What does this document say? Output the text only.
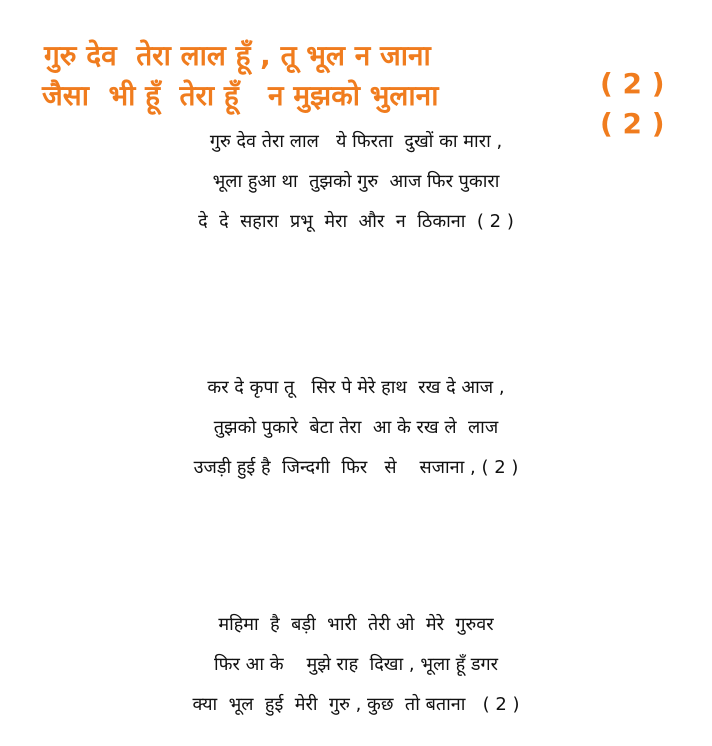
गुरु देव  तेरा लाल हूँ , तू भूल न जाना

( 2 )

जैसा  भी हूँ  तेरा हूँ   न मुझको भुलाना

( 2 )

गुरु देव तेरा लाल   ये फिरता  दुखों का मारा ,
भूला हुआ था  तुझको गुरु  आज फिर पुकारा
दे  दे  सहारा  प्रभू  मेरा  और  न  ठिकाना  ( 2 )
कर दे कृपा तू   सिर पे मेरे हाथ  रख दे आज ,
तुझको पुकारे  बेटा तेरा  आ के रख ले  लाज
उजड़ी हुई है  जिन्दगी  फिर   से    सजाना , ( 2 )
महिमा  है  बड़ी  भारी  तेरी ओ  मेरे  गुरुवर
फिर आ के    मुझे राह  दिखा , भूला हूँ डगर
क्या  भूल  हुई  मेरी  गुरु , कुछ  तो बताना   ( 2 )
